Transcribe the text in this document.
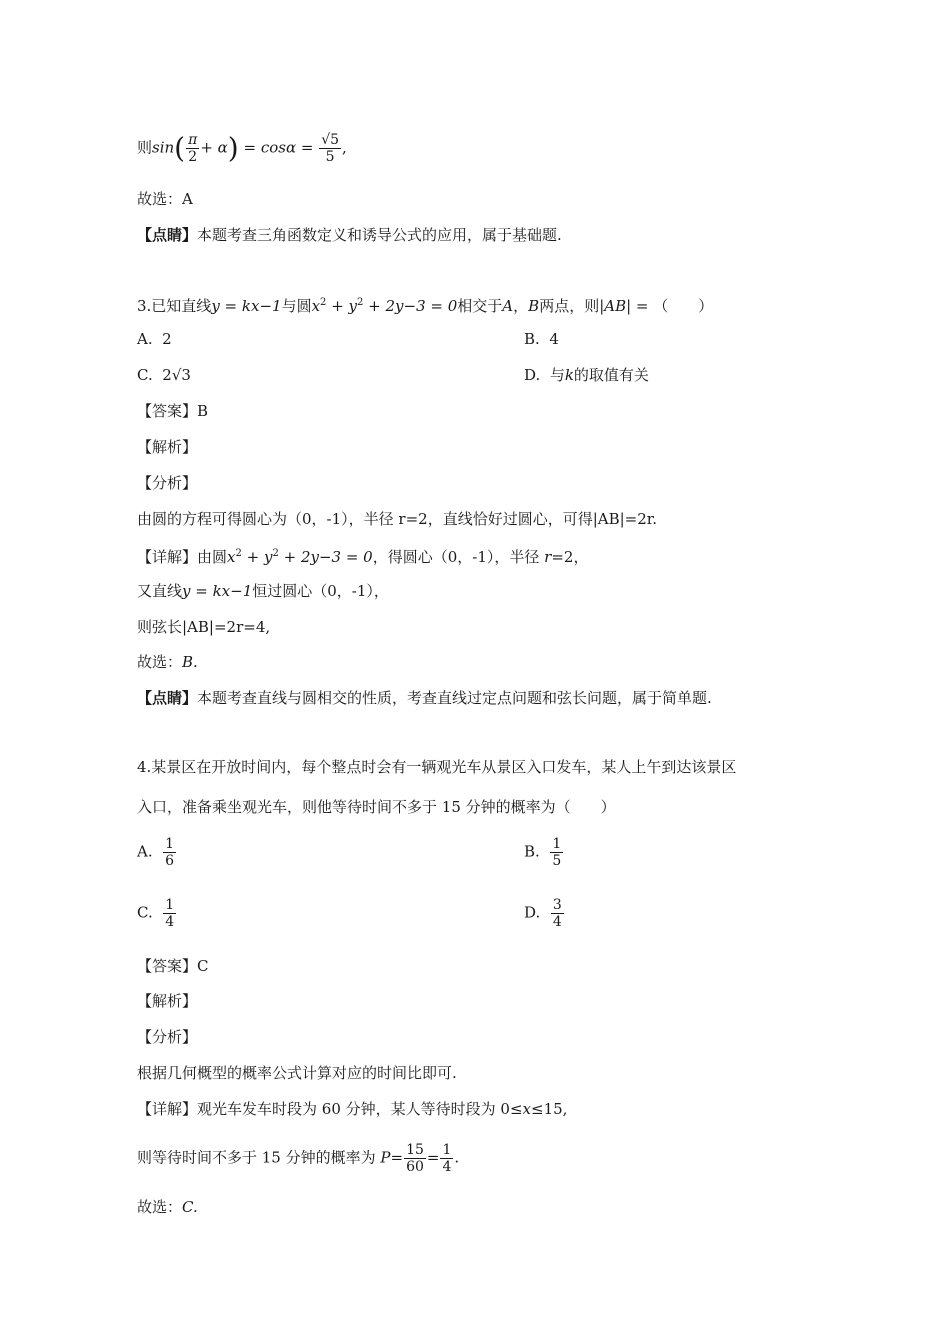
则$\sin( \frac{\pi}{2} + \alpha) = \cos\alpha = \frac{√5}{5}$ ,
故选：A
【点睛】本题考查三角函数定义和诱导公式的应用，属于基础题.
3.已知直线y = kx−1与圆$x^2 + y^2 + 2y-3 = 0$相交于A，B两点，则|AB| = （　　）
A. 2	B. 4
C. 2√3	D. 与k的取值有关
【答案】B
【解析】
【分析】
由圆的方程可得圆心为（0，-1），半径 r=2，直线恰好过圆心，可得|AB|=2r.
【详解】由圆$x^2 + y^2 + 2y-3 = 0$，得圆心（0，-1），半径 r=2，
又直线y = kx−1恒过圆心（0，-1），
则弦长|AB|=2r=4,
故选：B.
【点睛】本题考查直线与圆相交的性质，考查直线过定点问题和弦长问题，属于简单题.
4.某景区在开放时间内，每个整点时会有一辆观光车从景区入口发车，某人上午到达该景区
入口，准备乘坐观光车，则他等待时间不多于 15 分钟的概率为（　　）
A. $\frac{1}{6}$	B. $\frac{1}{5}$
C. $\frac{1}{4}$	D. $\frac{3}{4}$
【答案】C
【解析】
【分析】
根据几何概型的概率公式计算对应的时间比即可.
【详解】观光车发车时段为 60 分钟，某人等待时段为 0≤x≤15,
则等待时间不多于 15 分钟的概率为 $P= \frac{15}{60} = \frac{1}{4}$ .
故选：C.
